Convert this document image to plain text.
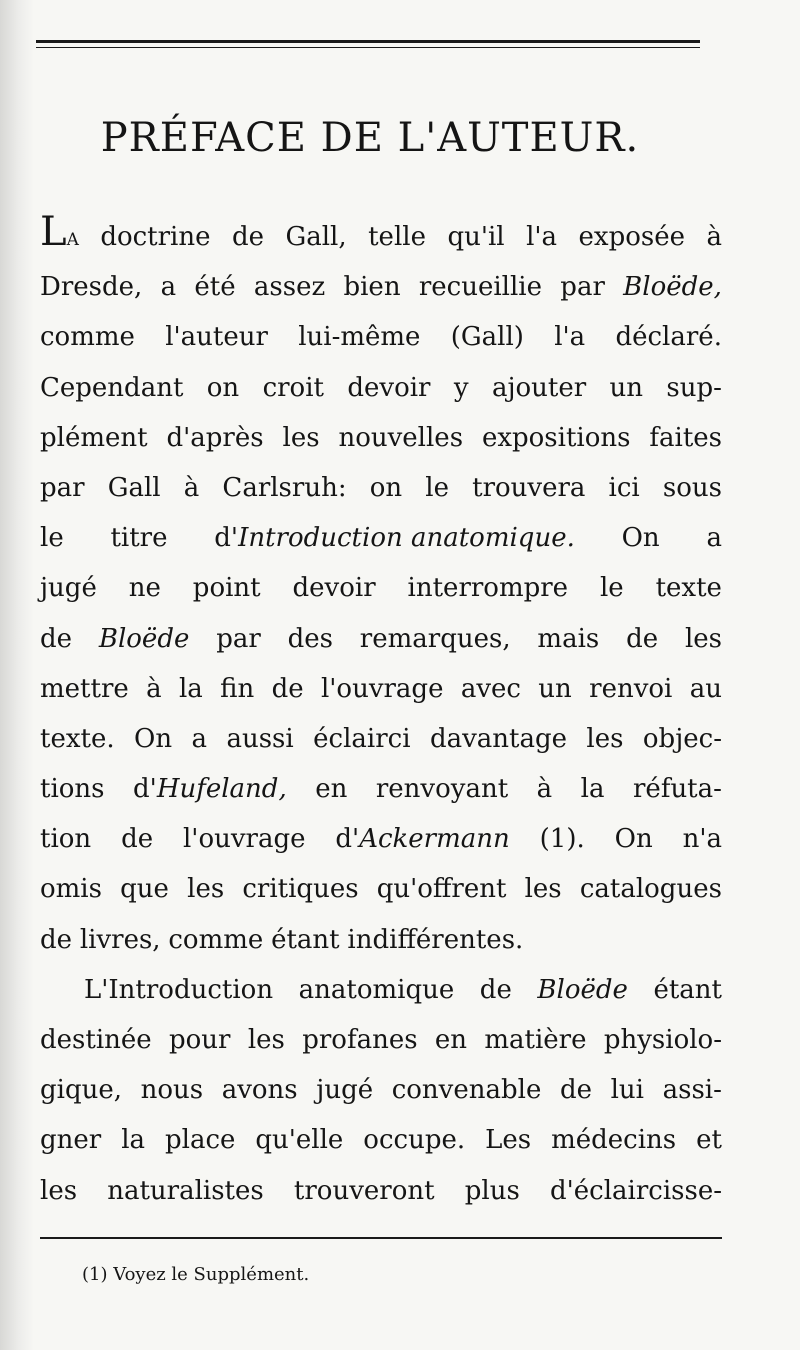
PRÉFACE DE L'AUTEUR.
LA doctrine de Gall, telle qu'il l'a exposée à
Dresde, a été assez bien recueillie par Bloëde,
comme l'auteur lui-même (Gall) l'a déclaré.
Cependant on croit devoir y ajouter un sup-
plément d'après les nouvelles expositions faites
par Gall à Carlsruh: on le trouvera ici sous
le titre d'Introduction anatomique. On a
jugé ne point devoir interrompre le texte
de Bloëde par des remarques, mais de les
mettre à la fin de l'ouvrage avec un renvoi au
texte. On a aussi éclairci davantage les objec-
tions d'Hufeland, en renvoyant à la réfuta-
tion de l'ouvrage d'Ackermann (1). On n'a
omis que les critiques qu'offrent les catalogues
de livres, comme étant indifférentes.
L'Introduction anatomique de Bloëde étant
destinée pour les profanes en matière physiolo-
gique, nous avons jugé convenable de lui assi-
gner la place qu'elle occupe. Les médecins et
les naturalistes trouveront plus d'éclaircisse-
(1) Voyez le Supplément.
